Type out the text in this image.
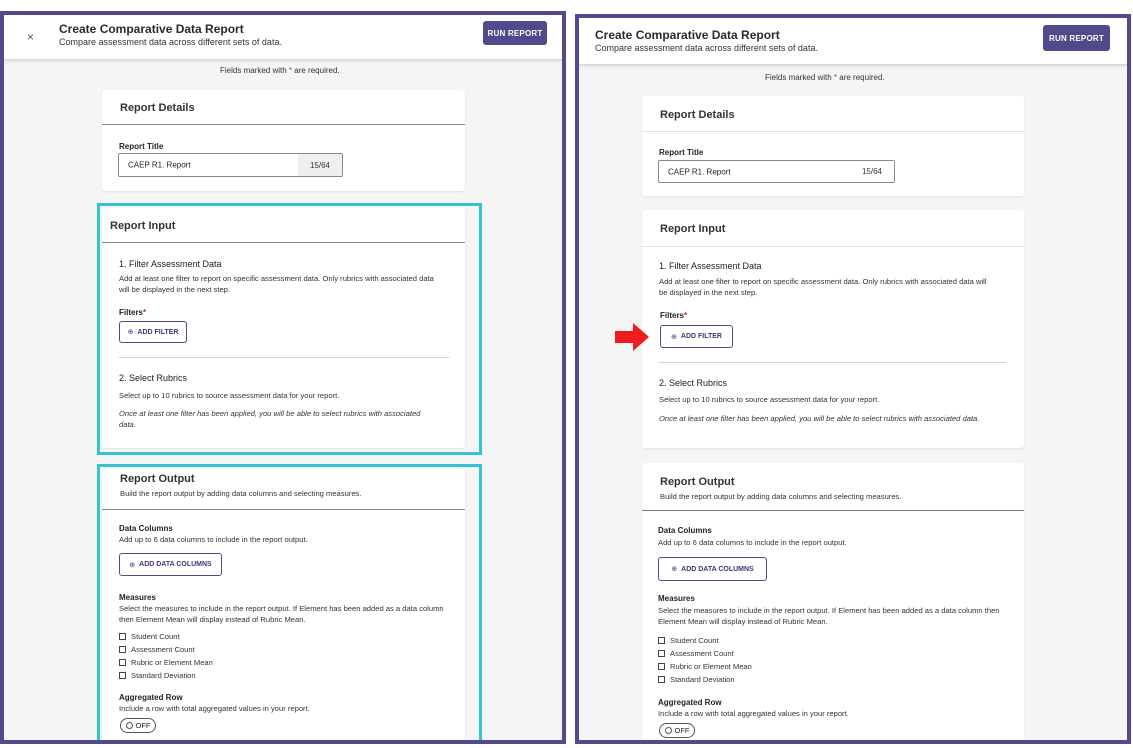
×
Create Comparative Data Report
Compare assessment data across different sets of data.
RUN REPORT
Fields marked with * are required.
Report Details
Report Title
CAEP R1. Report	15/64
Report Input
1. Filter Assessment Data
Add at least one filter to report on specific assessment data. Only rubrics with associated data will be displayed in the next step.
Filters*
⊕ ADD FILTER
2. Select Rubrics
Select up to 10 rubrics to source assessment data for your report.
Once at least one filter has been applied, you will be able to select rubrics with associated data.
Report Output
Build the report output by adding data columns and selecting measures.
Data Columns
Add up to 6 data columns to include in the report output.
⊕ ADD DATA COLUMNS
Measures
Select the measures to include in the report output. If Element has been added as a data column then Element Mean will display instead of Rubric Mean.
Student Count
Assessment Count
Rubric or Element Mean
Standard Deviation
Aggregated Row
Include a row with total aggregated values in your report.
OFF
Create Comparative Data Report
Compare assessment data across different sets of data.
RUN REPORT
Fields marked with * are required.
Report Details
Report Title
CAEP R1. Report	15/64
Report Input
1. Filter Assessment Data
Add at least one filter to report on specific assessment data. Only rubrics with associated data will be displayed in the next step.
Filters*
⊕ ADD FILTER
2. Select Rubrics
Select up to 10 rubrics to source assessment data for your report.
Once at least one filter has been applied, you will be able to select rubrics with associated data.
Report Output
Build the report output by adding data columns and selecting measures.
Data Columns
Add up to 6 data columns to include in the report output.
⊕ ADD DATA COLUMNS
Measures
Select the measures to include in the report output. If Element has been added as a data column then Element Mean will display instead of Rubric Mean.
Student Count
Assessment Count
Rubric or Element Mean
Standard Deviation
Aggregated Row
Include a row with total aggregated values in your report.
OFF
